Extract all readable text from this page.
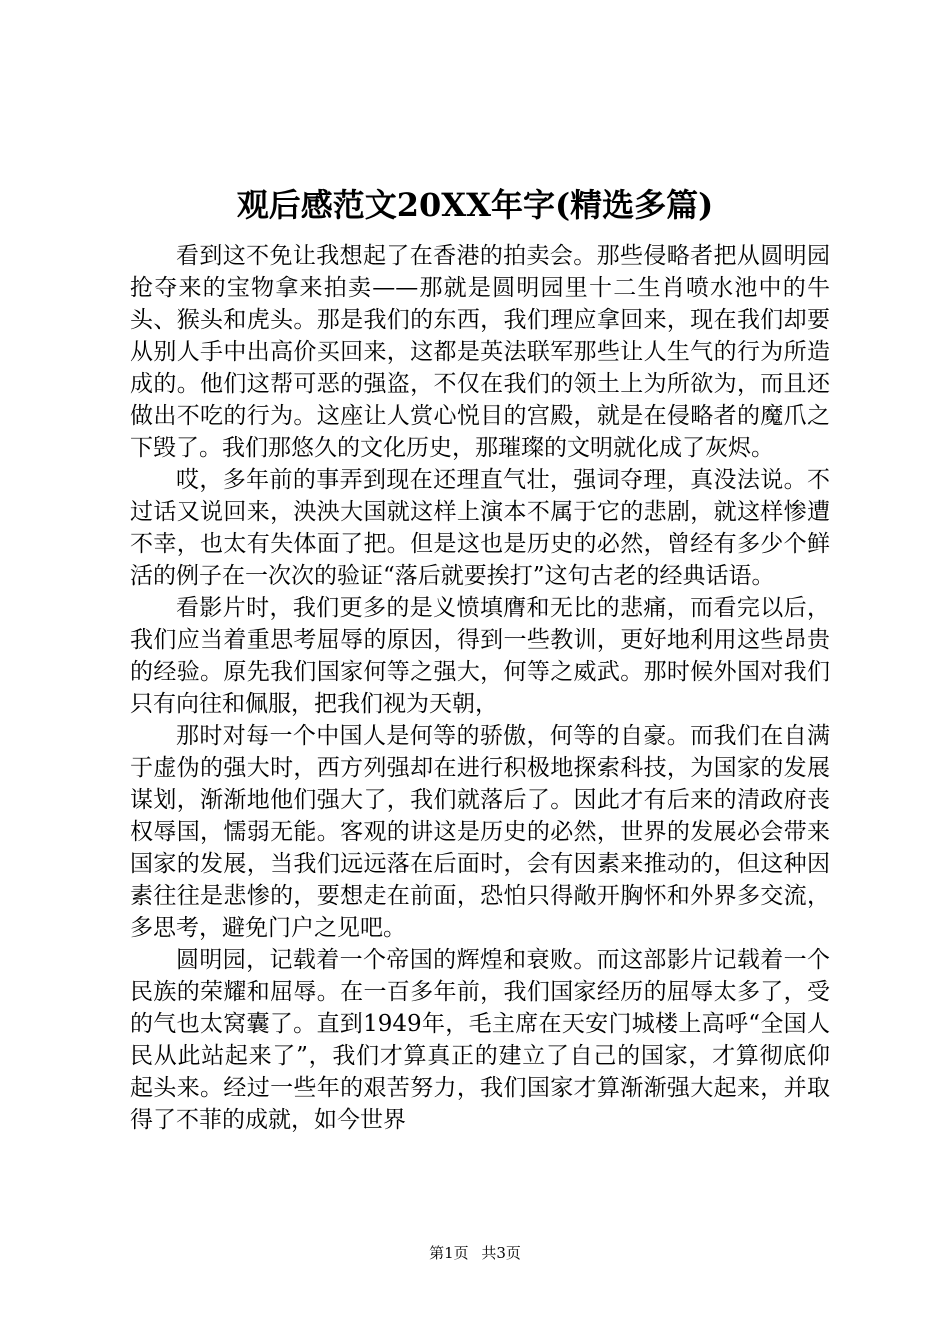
观后感范文20XX年字(精选多篇)

看到这不免让我想起了在香港的拍卖会。那些侵略者把从圆明园抢夺来的宝物拿来拍卖——那就是圆明园里十二生肖喷水池中的牛头、猴头和虎头。那是我们的东西，我们理应拿回来，现在我们却要从别人手中出高价买回来，这都是英法联军那些让人生气的行为所造成的。他们这帮可恶的强盗，不仅在我们的领土上为所欲为，而且还做出不吃的行为。这座让人赏心悦目的宫殿，就是在侵略者的魔爪之下毁了。我们那悠久的文化历史，那璀璨的文明就化成了灰烬。

哎，多年前的事弄到现在还理直气壮，强词夺理，真没法说。不过话又说回来，泱泱大国就这样上演本不属于它的悲剧，就这样惨遭不幸，也太有失体面了把。但是这也是历史的必然，曾经有多少个鲜活的例子在一次次的验证“落后就要挨打”这句古老的经典话语。

看影片时，我们更多的是义愤填膺和无比的悲痛，而看完以后，我们应当着重思考屈辱的原因，得到一些教训，更好地利用这些昂贵的经验。原先我们国家何等之强大，何等之威武。那时候外国对我们只有向往和佩服，把我们视为天朝，

那时对每一个中国人是何等的骄傲，何等的自豪。而我们在自满于虚伪的强大时，西方列强却在进行积极地探索科技，为国家的发展谋划，渐渐地他们强大了，我们就落后了。因此才有后来的清政府丧权辱国，懦弱无能。客观的讲这是历史的必然，世界的发展必会带来国家的发展，当我们远远落在后面时，会有因素来推动的，但这种因素往往是悲惨的，要想走在前面，恐怕只得敞开胸怀和外界多交流，多思考，避免门户之见吧。

圆明园，记载着一个帝国的辉煌和衰败。而这部影片记载着一个民族的荣耀和屈辱。在一百多年前，我们国家经历的屈辱太多了，受的气也太窝囊了。直到1949年，毛主席在天安门城楼上高呼“全国人民从此站起来了”，我们才算真正的建立了自己的国家，才算彻底仰起头来。经过一些年的艰苦努力，我们国家才算渐渐强大起来，并取得了不菲的成就，如今世界

第1页 共3页
